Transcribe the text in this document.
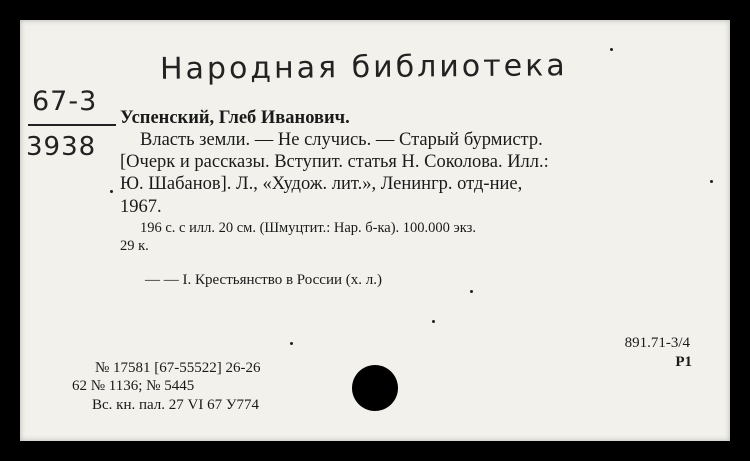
Народная библиотека
67-3
3938
Успенский, Глеб Иванович.
Власть земли. — Не случись. — Старый бурмистр.
[Очерк и рассказы. Вступит. статья Н. Соколова. Илл.:
Ю. Шабанов]. Л., «Худож. лит.», Ленингр. отд-ние,
1967.
196 с. с илл. 20 см. (Шмуцтит.: Нар. б-ка). 100.000 экз.
29 к.
— — I. Крестьянство в России (х. л.)
891.71-3/4
Р1
№ 17581 [67-55522] 26-26
62 № 1136; № 5445
Вс. кн. пал. 27 VI 67 У774
